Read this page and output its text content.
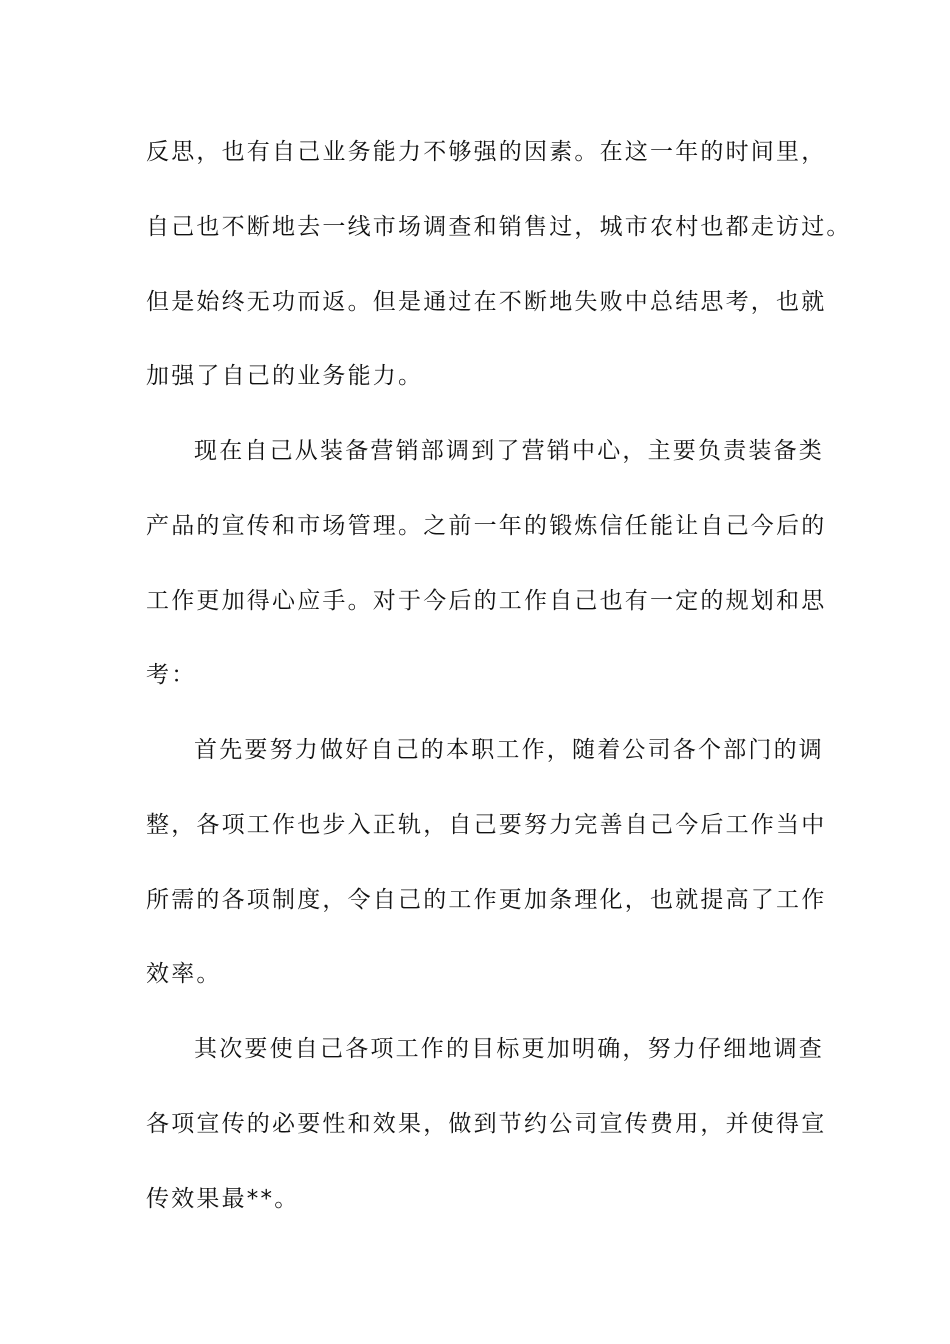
反思，也有自己业务能力不够强的因素。在这一年的时间里，
自己也不断地去一线市场调查和销售过，城市农村也都走访过。
但是始终无功而返。但是通过在不断地失败中总结思考，也就
加强了自己的业务能力。
现在自己从装备营销部调到了营销中心，主要负责装备类
产品的宣传和市场管理。之前一年的锻炼信任能让自己今后的
工作更加得心应手。对于今后的工作自己也有一定的规划和思
考：
首先要努力做好自己的本职工作，随着公司各个部门的调
整，各项工作也步入正轨，自己要努力完善自己今后工作当中
所需的各项制度，令自己的工作更加条理化，也就提高了工作
效率。
其次要使自己各项工作的目标更加明确，努力仔细地调查
各项宣传的必要性和效果，做到节约公司宣传费用，并使得宣
传效果最**。
